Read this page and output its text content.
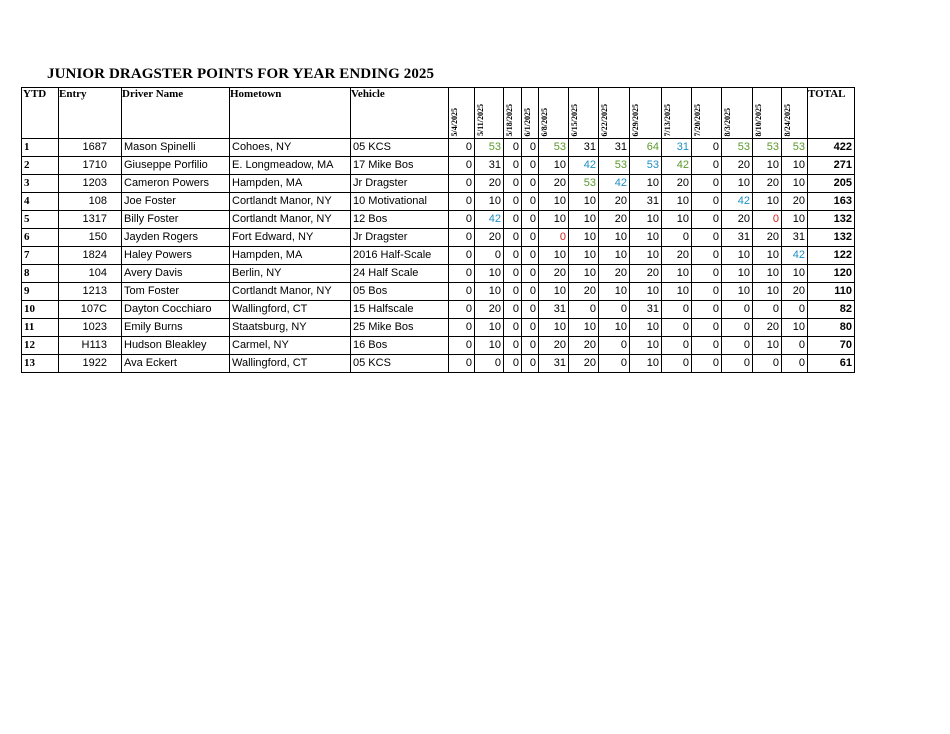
JUNIOR DRAGSTER POINTS FOR YEAR ENDING 2025
YTD	Entry	Driver Name	Hometown	Vehicle	5/4/2025	5/11/2025	5/18/2025	6/1/2025	6/8/2025	6/15/2025	6/22/2025	6/29/2025	7/13/2025	7/20/2025	8/3/2025	8/10/2025	8/24/2025	TOTAL
1	1687	Mason Spinelli	Cohoes, NY	05 KCS	0	53	0	0	53	31	31	64	31	0	53	53	53	422
2	1710	Giuseppe Porfilio	E. Longmeadow, MA	17 Mike Bos	0	31	0	0	10	42	53	53	42	0	20	10	10	271
3	1203	Cameron Powers	Hampden, MA	Jr Dragster	0	20	0	0	20	53	42	10	20	0	10	20	10	205
4	108	Joe Foster	Cortlandt Manor, NY	10 Motivational	0	10	0	0	10	10	20	31	10	0	42	10	20	163
5	1317	Billy Foster	Cortlandt Manor, NY	12 Bos	0	42	0	0	10	10	20	10	10	0	20	0	10	132
6	150	Jayden Rogers	Fort Edward, NY	Jr Dragster	0	20	0	0	0	10	10	10	0	0	31	20	31	132
7	1824	Haley Powers	Hampden, MA	2016 Half-Scale	0	0	0	0	10	10	10	10	20	0	10	10	42	122
8	104	Avery Davis	Berlin, NY	24 Half Scale	0	10	0	0	20	10	20	20	10	0	10	10	10	120
9	1213	Tom Foster	Cortlandt Manor, NY	05 Bos	0	10	0	0	10	20	10	10	10	0	10	10	20	110
10	107C	Dayton Cocchiaro	Wallingford, CT	15 Halfscale	0	20	0	0	31	0	0	31	0	0	0	0	0	82
11	1023	Emily Burns	Staatsburg, NY	25 Mike Bos	0	10	0	0	10	10	10	10	0	0	0	20	10	80
12	H113	Hudson Bleakley	Carmel, NY	16 Bos	0	10	0	0	20	20	0	10	0	0	0	10	0	70
13	1922	Ava Eckert	Wallingford, CT	05 KCS	0	0	0	0	31	20	0	10	0	0	0	0	0	61
